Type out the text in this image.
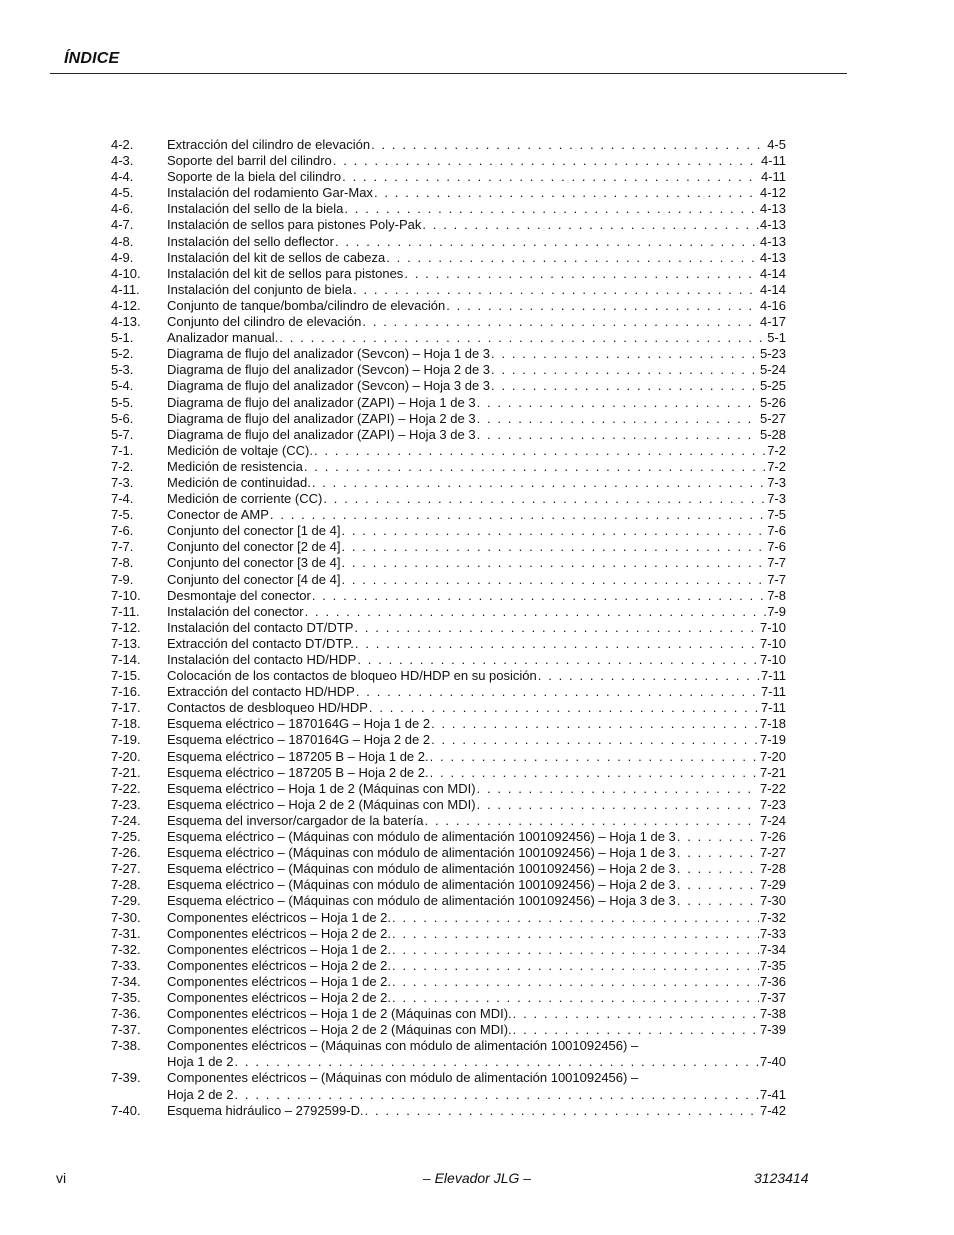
ÍNDICE
4-2.	Extracción del cilindro de elevación . . .	4-5
4-3.	Soporte del barril del cilindro . . .	4-11
4-4.	Soporte de la biela del cilindro . . .	4-11
4-5.	Instalación del rodamiento Gar-Max . . .	4-12
4-6.	Instalación del sello de la biela . . .	4-13
4-7.	Instalación de sellos para pistones Poly-Pak . . .	4-13
4-8.	Instalación del sello deflector . . .	4-13
4-9.	Instalación del kit de sellos de cabeza . . .	4-13
4-10.	Instalación del kit de sellos para pistones . . .	4-14
4-11.	Instalación del conjunto de biela . . .	4-14
4-12.	Conjunto de tanque/bomba/cilindro de elevación . . .	4-16
4-13.	Conjunto del cilindro de elevación . . .	4-17
5-1.	Analizador manual. . . .	5-1
5-2.	Diagrama de flujo del analizador (Sevcon) – Hoja 1 de 3 . . .	5-23
5-3.	Diagrama de flujo del analizador (Sevcon) – Hoja 2 de 3 . . .	5-24
5-4.	Diagrama de flujo del analizador (Sevcon) – Hoja 3 de 3 . . .	5-25
5-5.	Diagrama de flujo del analizador (ZAPI) – Hoja 1 de 3 . . .	5-26
5-6.	Diagrama de flujo del analizador (ZAPI) – Hoja 2 de 3 . . .	5-27
5-7.	Diagrama de flujo del analizador (ZAPI) – Hoja 3 de 3 . . .	5-28
7-1.	Medición de voltaje (CC). . . .	7-2
7-2.	Medición de resistencia . . .	7-2
7-3.	Medición de continuidad. . . .	7-3
7-4.	Medición de corriente (CC) . . .	7-3
7-5.	Conector de AMP . . .	7-5
7-6.	Conjunto del conector [1 de 4] . . .	7-6
7-7.	Conjunto del conector [2 de 4] . . .	7-6
7-8.	Conjunto del conector [3 de 4] . . .	7-7
7-9.	Conjunto del conector [4 de 4] . . .	7-7
7-10.	Desmontaje del conector . . .	7-8
7-11.	Instalación del conector . . .	7-9
7-12.	Instalación del contacto DT/DTP . . .	7-10
7-13.	Extracción del contacto DT/DTP. . . .	7-10
7-14.	Instalación del contacto HD/HDP . . .	7-10
7-15.	Colocación de los contactos de bloqueo HD/HDP en su posición . . .	7-11
7-16.	Extracción del contacto HD/HDP . . .	7-11
7-17.	Contactos de desbloqueo HD/HDP . . .	7-11
7-18.	Esquema eléctrico – 1870164G – Hoja 1 de 2 . . .	7-18
7-19.	Esquema eléctrico – 1870164G – Hoja 2 de 2 . . .	7-19
7-20.	Esquema eléctrico – 187205 B – Hoja 1 de 2. . . .	7-20
7-21.	Esquema eléctrico – 187205 B – Hoja 2 de 2. . . .	7-21
7-22.	Esquema eléctrico – Hoja 1 de 2 (Máquinas con MDI) . . .	7-22
7-23.	Esquema eléctrico – Hoja 2 de 2 (Máquinas con MDI) . . .	7-23
7-24.	Esquema del inversor/cargador de la batería . . .	7-24
7-25.	Esquema eléctrico – (Máquinas con módulo de alimentación 1001092456) – Hoja 1 de 3 . . .	7-26
7-26.	Esquema eléctrico – (Máquinas con módulo de alimentación 1001092456) – Hoja 1 de 3 . . .	7-27
7-27.	Esquema eléctrico – (Máquinas con módulo de alimentación 1001092456) – Hoja 2 de 3 . . .	7-28
7-28.	Esquema eléctrico – (Máquinas con módulo de alimentación 1001092456) – Hoja 2 de 3 . . .	7-29
7-29.	Esquema eléctrico – (Máquinas con módulo de alimentación 1001092456) – Hoja 3 de 3 . . .	7-30
7-30.	Componentes eléctricos – Hoja 1 de 2. . . .	7-32
7-31.	Componentes eléctricos – Hoja 2 de 2. . . .	7-33
7-32.	Componentes eléctricos – Hoja 1 de 2. . . .	7-34
7-33.	Componentes eléctricos – Hoja 2 de 2. . . .	7-35
7-34.	Componentes eléctricos – Hoja 1 de 2. . . .	7-36
7-35.	Componentes eléctricos – Hoja 2 de 2. . . .	7-37
7-36.	Componentes eléctricos – Hoja 1 de 2 (Máquinas con MDI). . . .	7-38
7-37.	Componentes eléctricos – Hoja 2 de 2 (Máquinas con MDI). . . .	7-39
7-38.	Componentes eléctricos – (Máquinas con módulo de alimentación 1001092456) –
Hoja 1 de 2 . . .	7-40
7-39.	Componentes eléctricos – (Máquinas con módulo de alimentación 1001092456) –
Hoja 2 de 2 . . .	7-41
7-40.	Esquema hidráulico – 2792599-D. . . .	7-42
vi	– Elevador JLG –	3123414
